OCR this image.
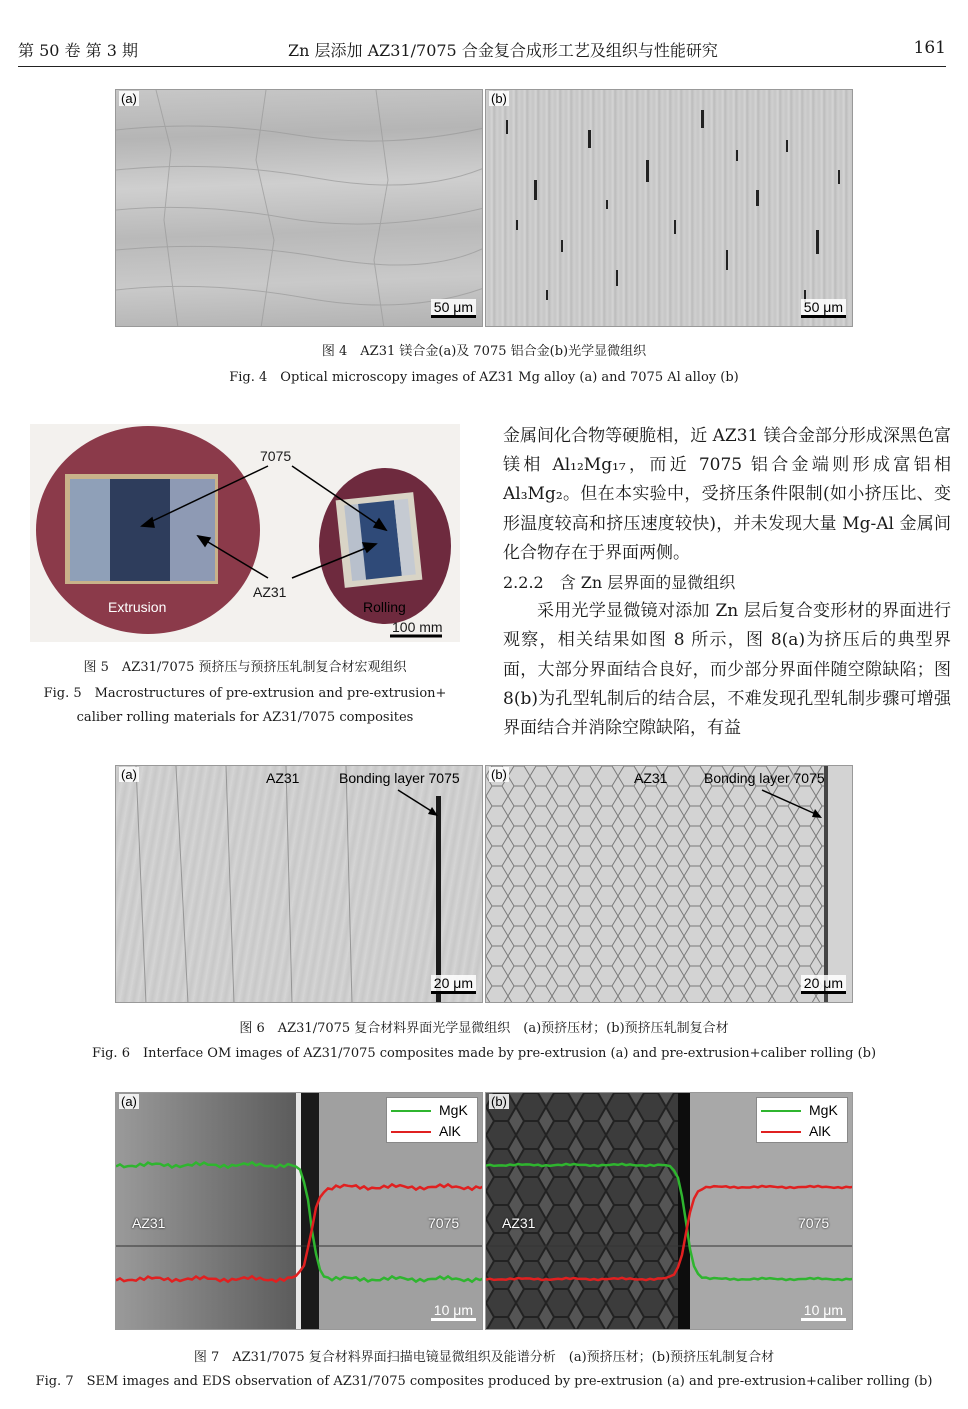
第 50 卷 第 3 期	Zn 层添加 AZ31/7075 合金复合成形工艺及组织与性能研究	161
(a)
50 μm
(b)
50 μm
图 4　AZ31 镁合金(a)及 7075 铝合金(b)光学显微组织
Fig. 4　Optical microscopy images of AZ31 Mg alloy (a) and 7075 Al alloy (b)
7075
AZ31
Extrusion	Rolling
100 mm
图 5　AZ31/7075 预挤压与预挤压轧制复合材宏观组织
Fig. 5　Macrostructures of pre-extrusion and pre-extrusion+
caliber rolling materials for AZ31/7075 composites

金属间化合物等硬脆相，近 AZ31 镁合金部分形成深黑色富镁相 Al₁₂Mg₁₇，而近 7075 铝合金端则形成富铝相 Al₃Mg₂。但在本实验中，受挤压条件限制(如小挤压比、变形温度较高和挤压速度较快)，并未发现大量 Mg-Al 金属间化合物存在于界面两侧。

2.2.2　含 Zn 层界面的显微组织

采用光学显微镜对添加 Zn 层后复合变形材的界面进行观察，相关结果如图 8 所示，图 8(a)为挤压后的典型界面，大部分界面结合良好，而少部分界面伴随空隙缺陷；图 8(b)为孔型轧制后的结合层，不难发现孔型轧制步骤可增强界面结合并消除空隙缺陷，有益

(a)	AZ31	Bonding layer 7075
20 μm
(b)	AZ31	Bonding layer 7075
20 μm
图 6　AZ31/7075 复合材料界面光学显微组织　(a)预挤压材；(b)预挤压轧制复合材
Fig. 6　Interface OM images of AZ31/7075 composites made by pre-extrusion (a) and pre-extrusion+caliber rolling (b)
(a)
AZ31	7075
MgK
AlK
10 μm
(b)
AZ31	7075
MgK
AlK
10 μm
图 7　AZ31/7075 复合材料界面扫描电镜显微组织及能谱分析　(a)预挤压材；(b)预挤压轧制复合材
Fig. 7　SEM images and EDS observation of AZ31/7075 composites produced by pre-extrusion (a) and pre-extrusion+caliber rolling (b)
